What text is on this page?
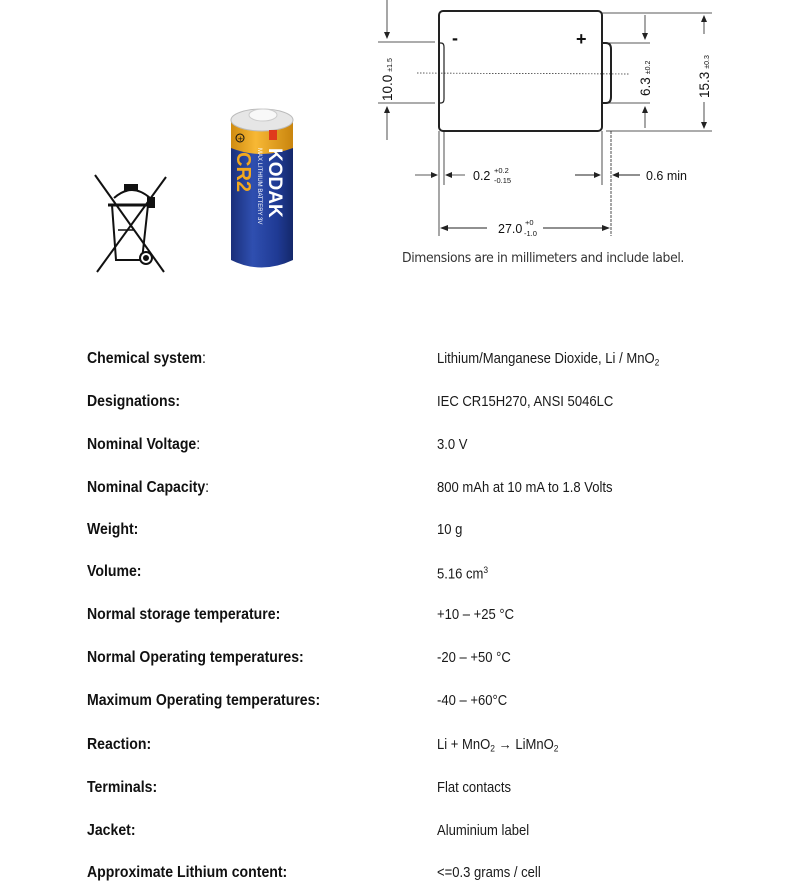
-	+
10.0±1.5
6.3±0.2
15.3±0.3
0.2 +0.2
-0.15	0.6 min
27.0 +0
-1.0
Dimensions are in millimeters and include label.
+
CR2 KODAK
MAX LITHIUM BATTERY 3V
Chemical system:	Lithium/Manganese Dioxide, Li / MnO$_2$
Designations:	IEC CR15H270, ANSI 5046LC
Nominal Voltage:	3.0 V
Nominal Capacity:	800 mAh at 10 mA to 1.8 Volts
Weight:	10 g
Volume:	5.16 $cm^3$
Normal storage temperature:	+10 – +25 °C
Normal Operating temperatures:	-20 – +50 °C
Maximum Operating temperatures:	-40 – +60°C
Reaction:	Li + MnO$_2$ → LiMnO$_2$
Terminals:	Flat contacts
Jacket:	Aluminium label
Approximate Lithium content:	<=0.3 grams / cell
